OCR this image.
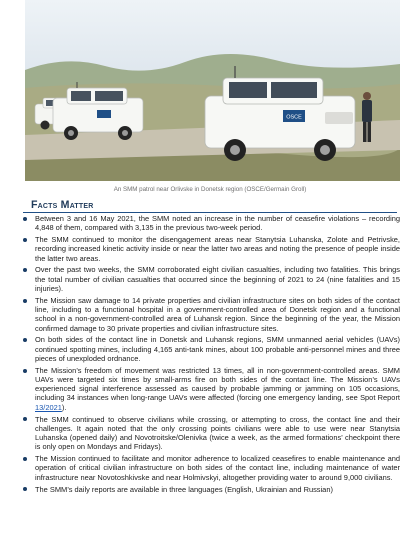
OSCE
An SMM patrol near Orlivske in Donetsk region (OSCE/Germain Groll)
Facts Matter
Between 3 and 16 May 2021, the SMM noted an increase in the number of ceasefire violations – recording 4,848 of them, compared with 3,135 in the previous two-week period.
The SMM continued to monitor the disengagement areas near Stanytsia Luhanska, Zolote and Petrivske, recording increased kinetic activity inside or near the latter two areas and noting the presence of people inside the latter two areas.
Over the past two weeks, the SMM corroborated eight civilian casualties, including two fatalities. This brings the total number of civilian casualties that occurred since the beginning of 2021 to 24 (nine fatalities and 15 injuries).
The Mission saw damage to 14 private properties and civilian infrastructure sites on both sides of the contact line, including to a functional hospital in a government-controlled area of Donetsk region and a functional school in a non-government-controlled area of Luhansk region. Since the beginning of the year, the Mission confirmed damage to 30 private properties and civilian infrastructure sites.
On both sides of the contact line in Donetsk and Luhansk regions, SMM unmanned aerial vehicles (UAVs) continued spotting mines, including 4,165 anti-tank mines, about 100 probable anti-personnel mines and three pieces of unexploded ordnance.
The Mission’s freedom of movement was restricted 13 times, all in non-government-controlled areas. SMM UAVs were targeted six times by small-arms fire on both sides of the contact line. The Mission’s UAVs experienced signal interference assessed as caused by probable jamming or jamming on 105 occasions, including 34 instances when long-range UAVs were affected (forcing one emergency landing, see Spot Report 13/2021).
The SMM continued to observe civilians while crossing, or attempting to cross, the contact line and their challenges. It again noted that the only crossing points civilians were able to use were near Stanytsia Luhanska (opened daily) and Novotroitske/Olenivka (twice a week, as the armed formations’ checkpoint there is only open on Mondays and Fridays).
The Mission continued to facilitate and monitor adherence to localized ceasefires to enable maintenance and operation of critical civilian infrastructure on both sides of the contact line, including maintenance of water infrastructure near Novotoshkivske and near Holmivskyi, altogether providing water to around 9,000 civilians.
The SMM’s daily reports are available in three languages (English, Ukrainian and Russian)
